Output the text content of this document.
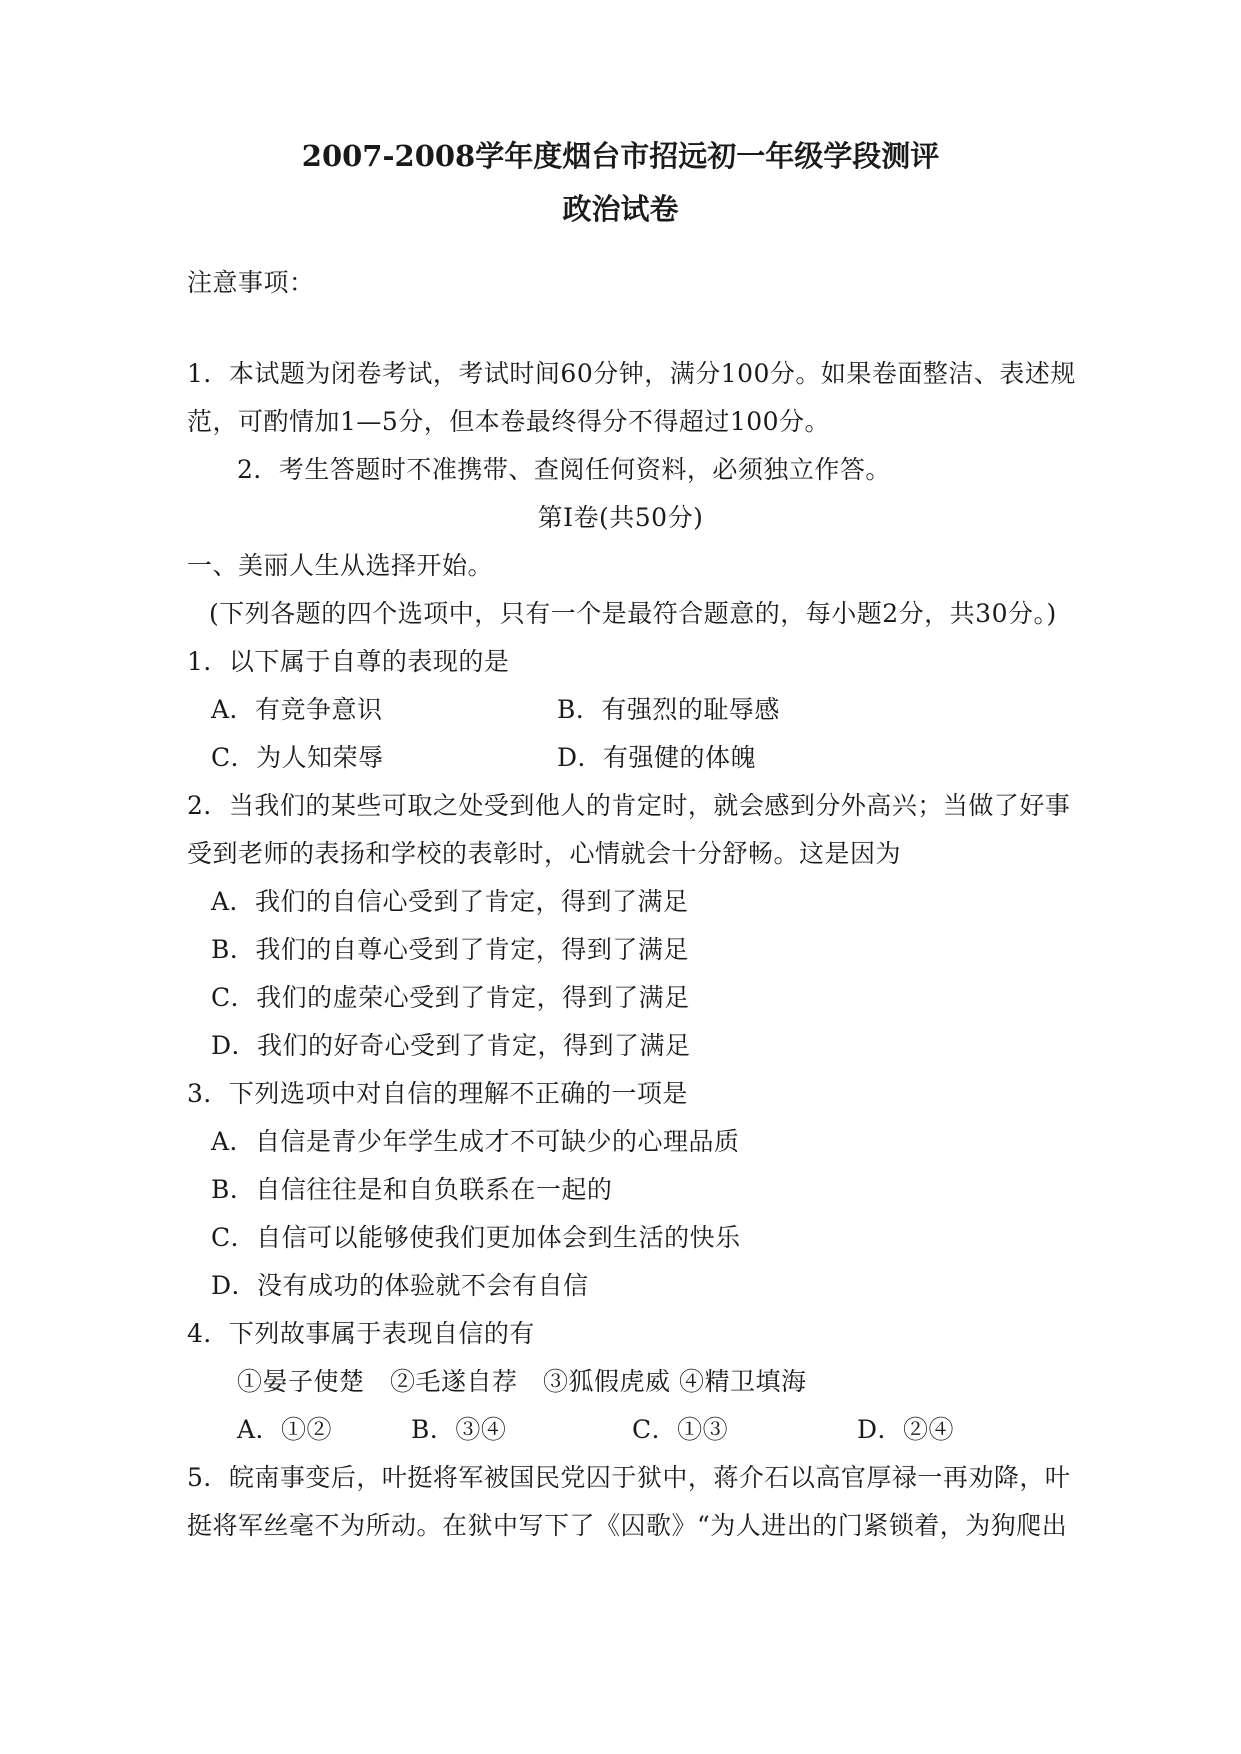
2007-2008学年度烟台市招远初一年级学段测评
政治试卷
注意事项：
1．本试题为闭卷考试，考试时间60分钟，满分100分。如果卷面整洁、表述规
范，可酌情加1—5分，但本卷最终得分不得超过100分。
2．考生答题时不准携带、查阅任何资料，必须独立作答。
第Ⅰ卷(共50分)
一、美丽人生从选择开始。
(下列各题的四个选项中，只有一个是最符合题意的，每小题2分，共30分。)
1．以下属于自尊的表现的是
A．有竞争意识	B．有强烈的耻辱感
C．为人知荣辱	D．有强健的体魄
2．当我们的某些可取之处受到他人的肯定时，就会感到分外高兴；当做了好事
受到老师的表扬和学校的表彰时，心情就会十分舒畅。这是因为
A．我们的自信心受到了肯定，得到了满足
B．我们的自尊心受到了肯定，得到了满足
C．我们的虚荣心受到了肯定，得到了满足
D．我们的好奇心受到了肯定，得到了满足
3．下列选项中对自信的理解不正确的一项是
A．自信是青少年学生成才不可缺少的心理品质
B．自信往往是和自负联系在一起的
C．自信可以能够使我们更加体会到生活的快乐
D．没有成功的体验就不会有自信
4．下列故事属于表现自信的有
①晏子使楚　②毛遂自荐　③狐假虎威 ④精卫填海
A．①②	B．③④	C．①③	D．②④
5．皖南事变后，叶挺将军被国民党囚于狱中，蒋介石以高官厚禄一再劝降，叶
挺将军丝毫不为所动。在狱中写下了《囚歌》“为人进出的门紧锁着，为狗爬出
